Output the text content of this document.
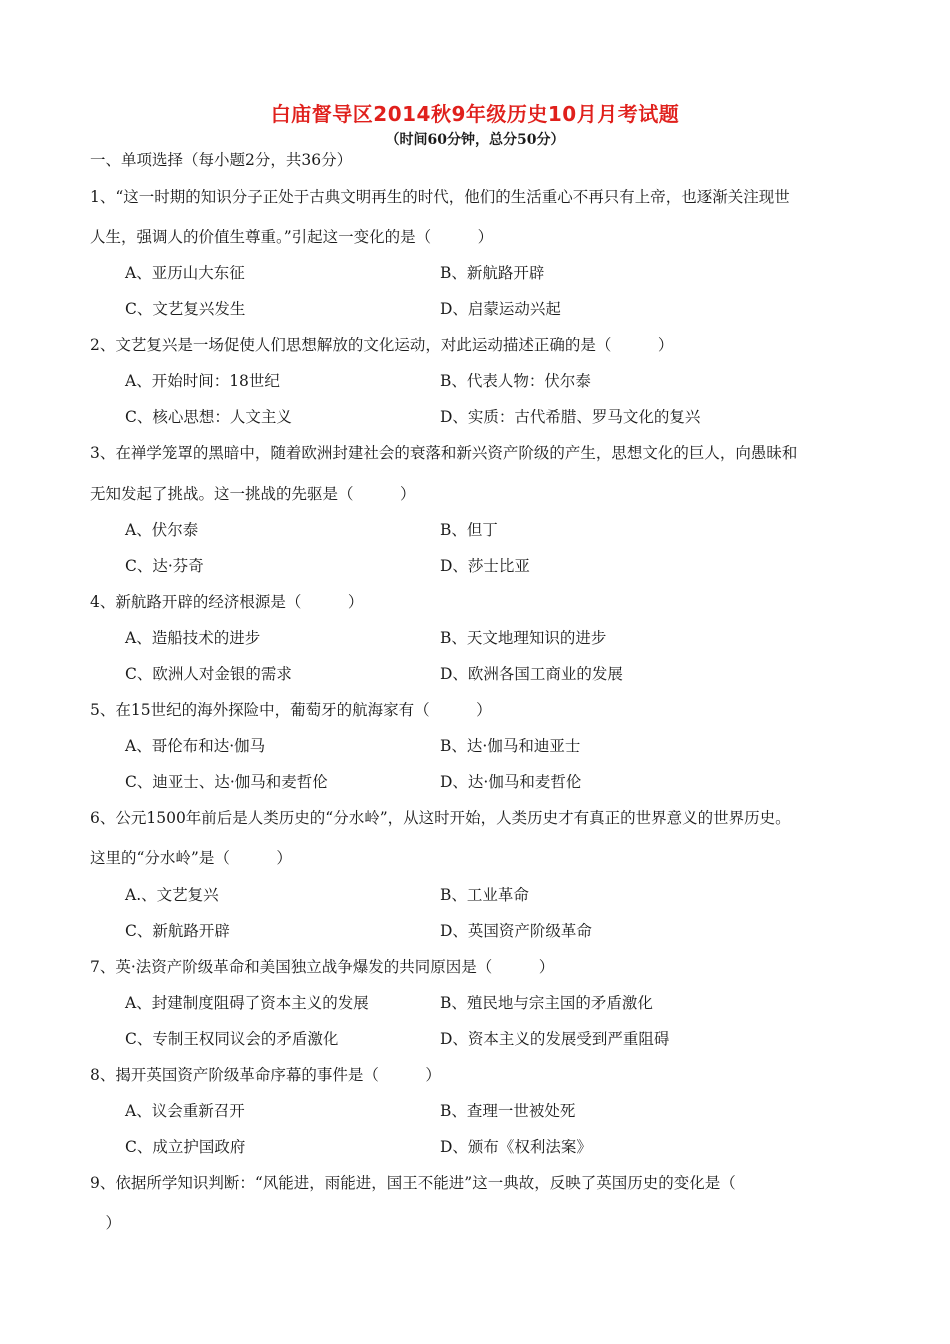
白庙督导区2014秋9年级历史10月月考试题
（时间60分钟，总分50分）
一、单项选择（每小题2分，共36分）
1、“这一时期的知识分子正处于古典文明再生的时代，他们的生活重心不再只有上帝，也逐渐关注现世
人生，强调人的价值生尊重。”引起这一变化的是（　　　）
A、亚历山大东征	B、新航路开辟
C、文艺复兴发生	D、启蒙运动兴起
2、文艺复兴是一场促使人们思想解放的文化运动，对此运动描述正确的是（　　　）
A、开始时间：18世纪	B、代表人物：伏尔泰
C、核心思想：人文主义	D、实质：古代希腊、罗马文化的复兴
3、在禅学笼罩的黑暗中，随着欧洲封建社会的衰落和新兴资产阶级的产生，思想文化的巨人，向愚昧和
无知发起了挑战。这一挑战的先驱是（　　　）
A、伏尔泰	B、但丁
C、达·芬奇	D、莎士比亚
4、新航路开辟的经济根源是（　　　）
A、造船技术的进步	B、天文地理知识的进步
C、欧洲人对金银的需求	D、欧洲各国工商业的发展
5、在15世纪的海外探险中，葡萄牙的航海家有（　　　）
A、哥伦布和达·伽马	B、达·伽马和迪亚士
C、迪亚士、达·伽马和麦哲伦	D、达·伽马和麦哲伦
6、公元1500年前后是人类历史的“分水岭”，从这时开始，人类历史才有真正的世界意义的世界历史。
这里的“分水岭”是（　　　）
A.、文艺复兴	B、工业革命
C、新航路开辟	D、英国资产阶级革命
7、英·法资产阶级革命和美国独立战争爆发的共同原因是（　　　）
A、封建制度阻碍了资本主义的发展	B、殖民地与宗主国的矛盾激化
C、专制王权同议会的矛盾激化	D、资本主义的发展受到严重阻碍
8、揭开英国资产阶级革命序幕的事件是（　　　）
A、议会重新召开	B、查理一世被处死
C、成立护国政府	D、颁布《权利法案》
9、依据所学知识判断：“风能进，雨能进，国王不能进”这一典故，反映了英国历史的变化是（
　）
